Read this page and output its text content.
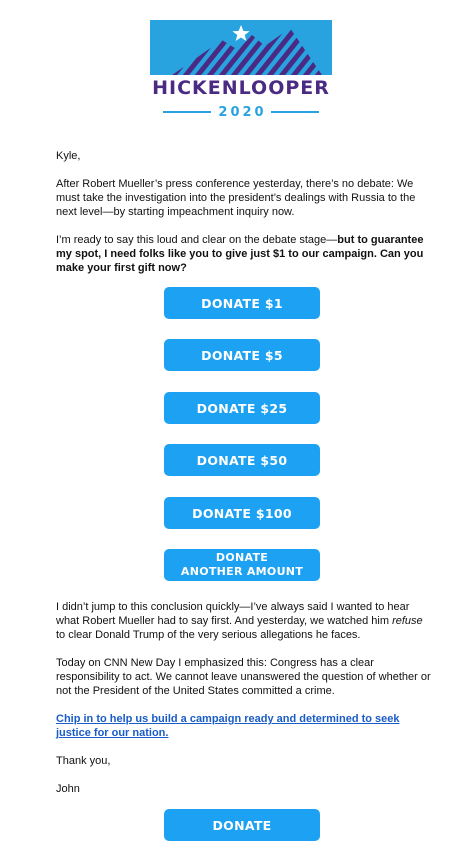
HICKENLOOPER
2020

Kyle,

After Robert Mueller’s press conference yesterday, there’s no debate: We must take the investigation into the president’s dealings with Russia to the next level—by starting impeachment inquiry now.

I’m ready to say this loud and clear on the debate stage—but to guarantee my spot, I need folks like you to give just $1 to our campaign. Can you make your first gift now?

DONATE $1
DONATE $5
DONATE $25
DONATE $50
DONATE $100
DONATE
ANOTHER AMOUNT

I didn’t jump to this conclusion quickly—I’ve always said I wanted to hear what Robert Mueller had to say first. And yesterday, we watched him refuse to clear Donald Trump of the very serious allegations he faces.

Today on CNN New Day I emphasized this: Congress has a clear responsibility to act. We cannot leave unanswered the question of whether or not the President of the United States committed a crime.

Chip in to help us build a campaign ready and determined to seek justice for our nation.

Thank you,

John

DONATE
